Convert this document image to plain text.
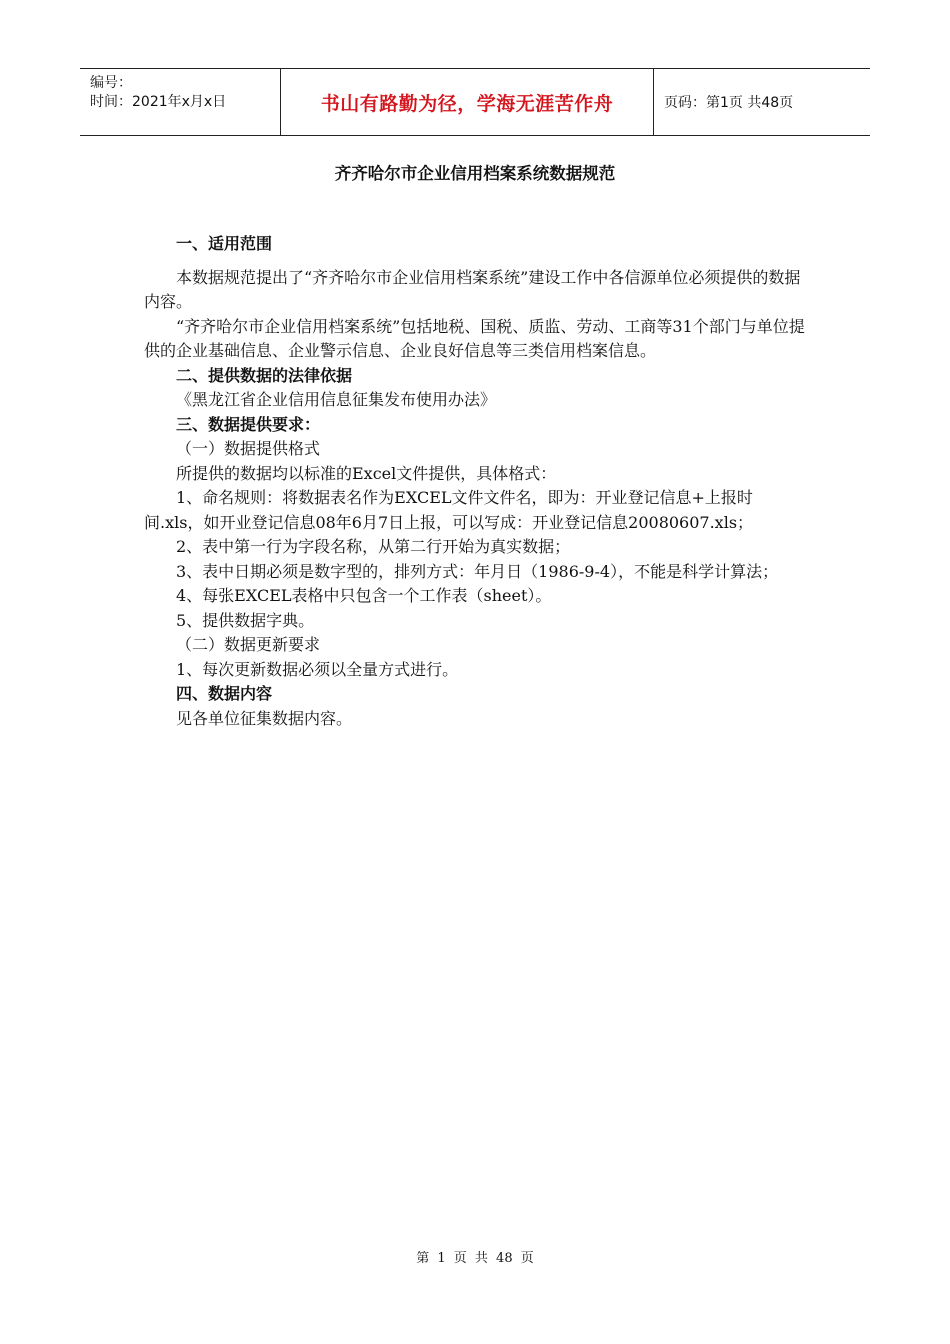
编号：
时间：2021年x月x日	书山有路勤为径，学海无涯苦作舟	页码：第1页 共48页
齐齐哈尔市企业信用档案系统数据规范

一、适用范围

本数据规范提出了“齐齐哈尔市企业信用档案系统”建设工作中各信源单位必须提供的数据内容。

“齐齐哈尔市企业信用档案系统”包括地税、国税、质监、劳动、工商等31个部门与单位提供的企业基础信息、企业警示信息、企业良好信息等三类信用档案信息。

二、提供数据的法律依据

《黑龙江省企业信用信息征集发布使用办法》

三、数据提供要求：

（一）数据提供格式

所提供的数据均以标准的Excel文件提供，具体格式：

1、命名规则：将数据表名作为EXCEL文件文件名，即为：开业登记信息+上报时间.xls，如开业登记信息08年6月7日上报，可以写成：开业登记信息20080607.xls；

2、表中第一行为字段名称，从第二行开始为真实数据；

3、表中日期必须是数字型的，排列方式：年月日（1986-9-4），不能是科学计算法；

4、每张EXCEL表格中只包含一个工作表（sheet）。

5、提供数据字典。

（二）数据更新要求

1、每次更新数据必须以全量方式进行。

四、数据内容

见各单位征集数据内容。

第 1 页 共 48 页
